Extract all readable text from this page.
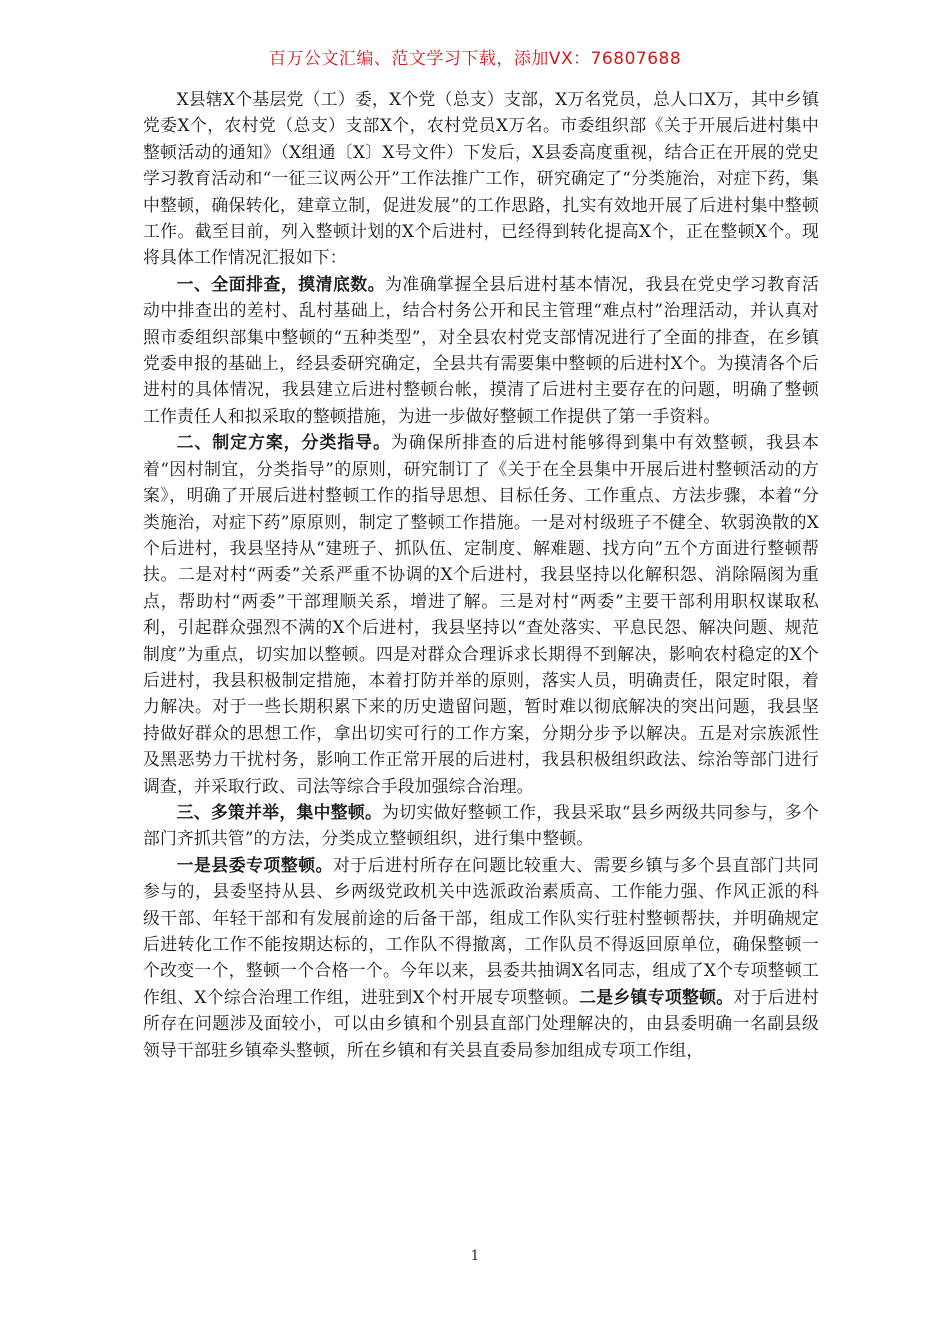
百万公文汇编、范文学习下载，添加VX：76807688

X县辖X个基层党（工）委，X个党（总支）支部，X万名党员，总人口X万，其中乡镇党委X个，农村党（总支）支部X个，农村党员X万名。市委组织部《关于开展后进村集中整顿活动的通知》（X组通〔X〕X号文件）下发后，X县委高度重视，结合正在开展的党史学习教育活动和“一征三议两公开”工作法推广工作，研究确定了“分类施治，对症下药，集中整顿，确保转化，建章立制，促进发展”的工作思路，扎实有效地开展了后进村集中整顿工作。截至目前，列入整顿计划的X个后进村，已经得到转化提高X个，正在整顿X个。现将具体工作情况汇报如下：

一、全面排查，摸清底数。为准确掌握全县后进村基本情况，我县在党史学习教育活动中排查出的差村、乱村基础上，结合村务公开和民主管理“难点村”治理活动，并认真对照市委组织部集中整顿的“五种类型”，对全县农村党支部情况进行了全面的排查，在乡镇党委申报的基础上，经县委研究确定，全县共有需要集中整顿的后进村X个。为摸清各个后进村的具体情况，我县建立后进村整顿台帐，摸清了后进村主要存在的问题，明确了整顿工作责任人和拟采取的整顿措施，为进一步做好整顿工作提供了第一手资料。

二、制定方案，分类指导。为确保所排查的后进村能够得到集中有效整顿，我县本着“因村制宜，分类指导”的原则，研究制订了《关于在全县集中开展后进村整顿活动的方案》，明确了开展后进村整顿工作的指导思想、目标任务、工作重点、方法步骤，本着“分类施治，对症下药”原原则，制定了整顿工作措施。一是对村级班子不健全、软弱涣散的X个后进村，我县坚持从“建班子、抓队伍、定制度、解难题、找方向”五个方面进行整顿帮扶。二是对村“两委”关系严重不协调的X个后进村，我县坚持以化解积怨、消除隔阂为重点，帮助村“两委”干部理顺关系，增进了解。三是对村“两委”主要干部利用职权谋取私利，引起群众强烈不满的X个后进村，我县坚持以“查处落实、平息民怨、解决问题、规范制度”为重点，切实加以整顿。四是对群众合理诉求长期得不到解决，影响农村稳定的X个后进村，我县积极制定措施，本着打防并举的原则，落实人员，明确责任，限定时限，着力解决。对于一些长期积累下来的历史遗留问题，暂时难以彻底解决的突出问题，我县坚持做好群众的思想工作，拿出切实可行的工作方案，分期分步予以解决。五是对宗族派性及黑恶势力干扰村务，影响工作正常开展的后进村，我县积极组织政法、综治等部门进行调查，并采取行政、司法等综合手段加强综合治理。

三、多策并举，集中整顿。为切实做好整顿工作，我县采取“县乡两级共同参与，多个部门齐抓共管”的方法，分类成立整顿组织，进行集中整顿。

一是县委专项整顿。对于后进村所存在问题比较重大、需要乡镇与多个县直部门共同参与的，县委坚持从县、乡两级党政机关中选派政治素质高、工作能力强、作风正派的科级干部、年轻干部和有发展前途的后备干部，组成工作队实行驻村整顿帮扶，并明确规定后进转化工作不能按期达标的，工作队不得撤离，工作队员不得返回原单位，确保整顿一个改变一个，整顿一个合格一个。今年以来，县委共抽调X名同志，组成了X个专项整顿工作组、X个综合治理工作组，进驻到X个村开展专项整顿。二是乡镇专项整顿。对于后进村所存在问题涉及面较小，可以由乡镇和个别县直部门处理解决的，由县委明确一名副县级领导干部驻乡镇牵头整顿，所在乡镇和有关县直委局参加组成专项工作组，

1
